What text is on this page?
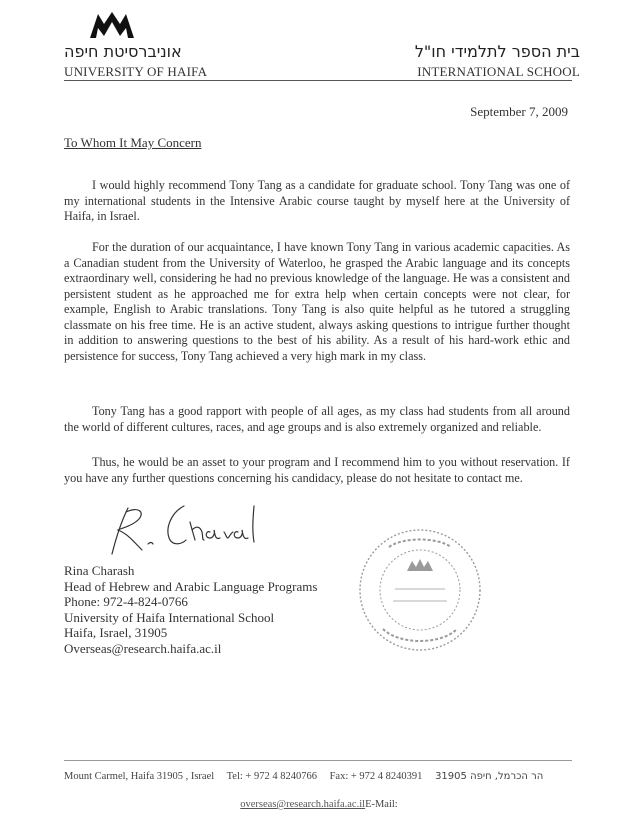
אוניברסיטת חיפה	בית הספר לתלמידי חו"ל
UNIVERSITY OF HAIFA	INTERNATIONAL SCHOOL
September 7, 2009
To Whom It May Concern

I would highly recommend Tony Tang as a candidate for graduate school. Tony Tang was one of my international students in the Intensive Arabic course taught by myself here at the University of Haifa, in Israel.

For the duration of our acquaintance, I have known Tony Tang in various academic capacities. As a Canadian student from the University of Waterloo, he grasped the Arabic language and its concepts extraordinary well, considering he had no previous knowledge of the language. He was a consistent and persistent student as he approached me for extra help when certain concepts were not clear, for example, English to Arabic translations. Tony Tang is also quite helpful as he tutored a struggling classmate on his free time. He is an active student, always asking questions to intrigue further thought in addition to answering questions to the best of his ability. As a result of his hard-work ethic and persistence for success, Tony Tang achieved a very high mark in my class.

Tony Tang has a good rapport with people of all ages, as my class had students from all around the world of different cultures, races, and age groups and is also extremely organized and reliable.

Thus, he would be an asset to your program and I recommend him to you without reservation. If you have any further questions concerning his candidacy, please do not hesitate to contact me.

Rina Charash
Head of Hebrew and Arabic Language Programs
Phone: 972-4-824-0766
University of Haifa International School
Haifa, Israel, 31905
Overseas@research.haifa.ac.il
Mount Carmel, Haifa 31905 , Israel Tel: + 972 4 8240766 Fax: + 972 4 8240391 31905 הר הכרמל, חיפה
overseas@research.haifa.ac.ilE-Mail:
